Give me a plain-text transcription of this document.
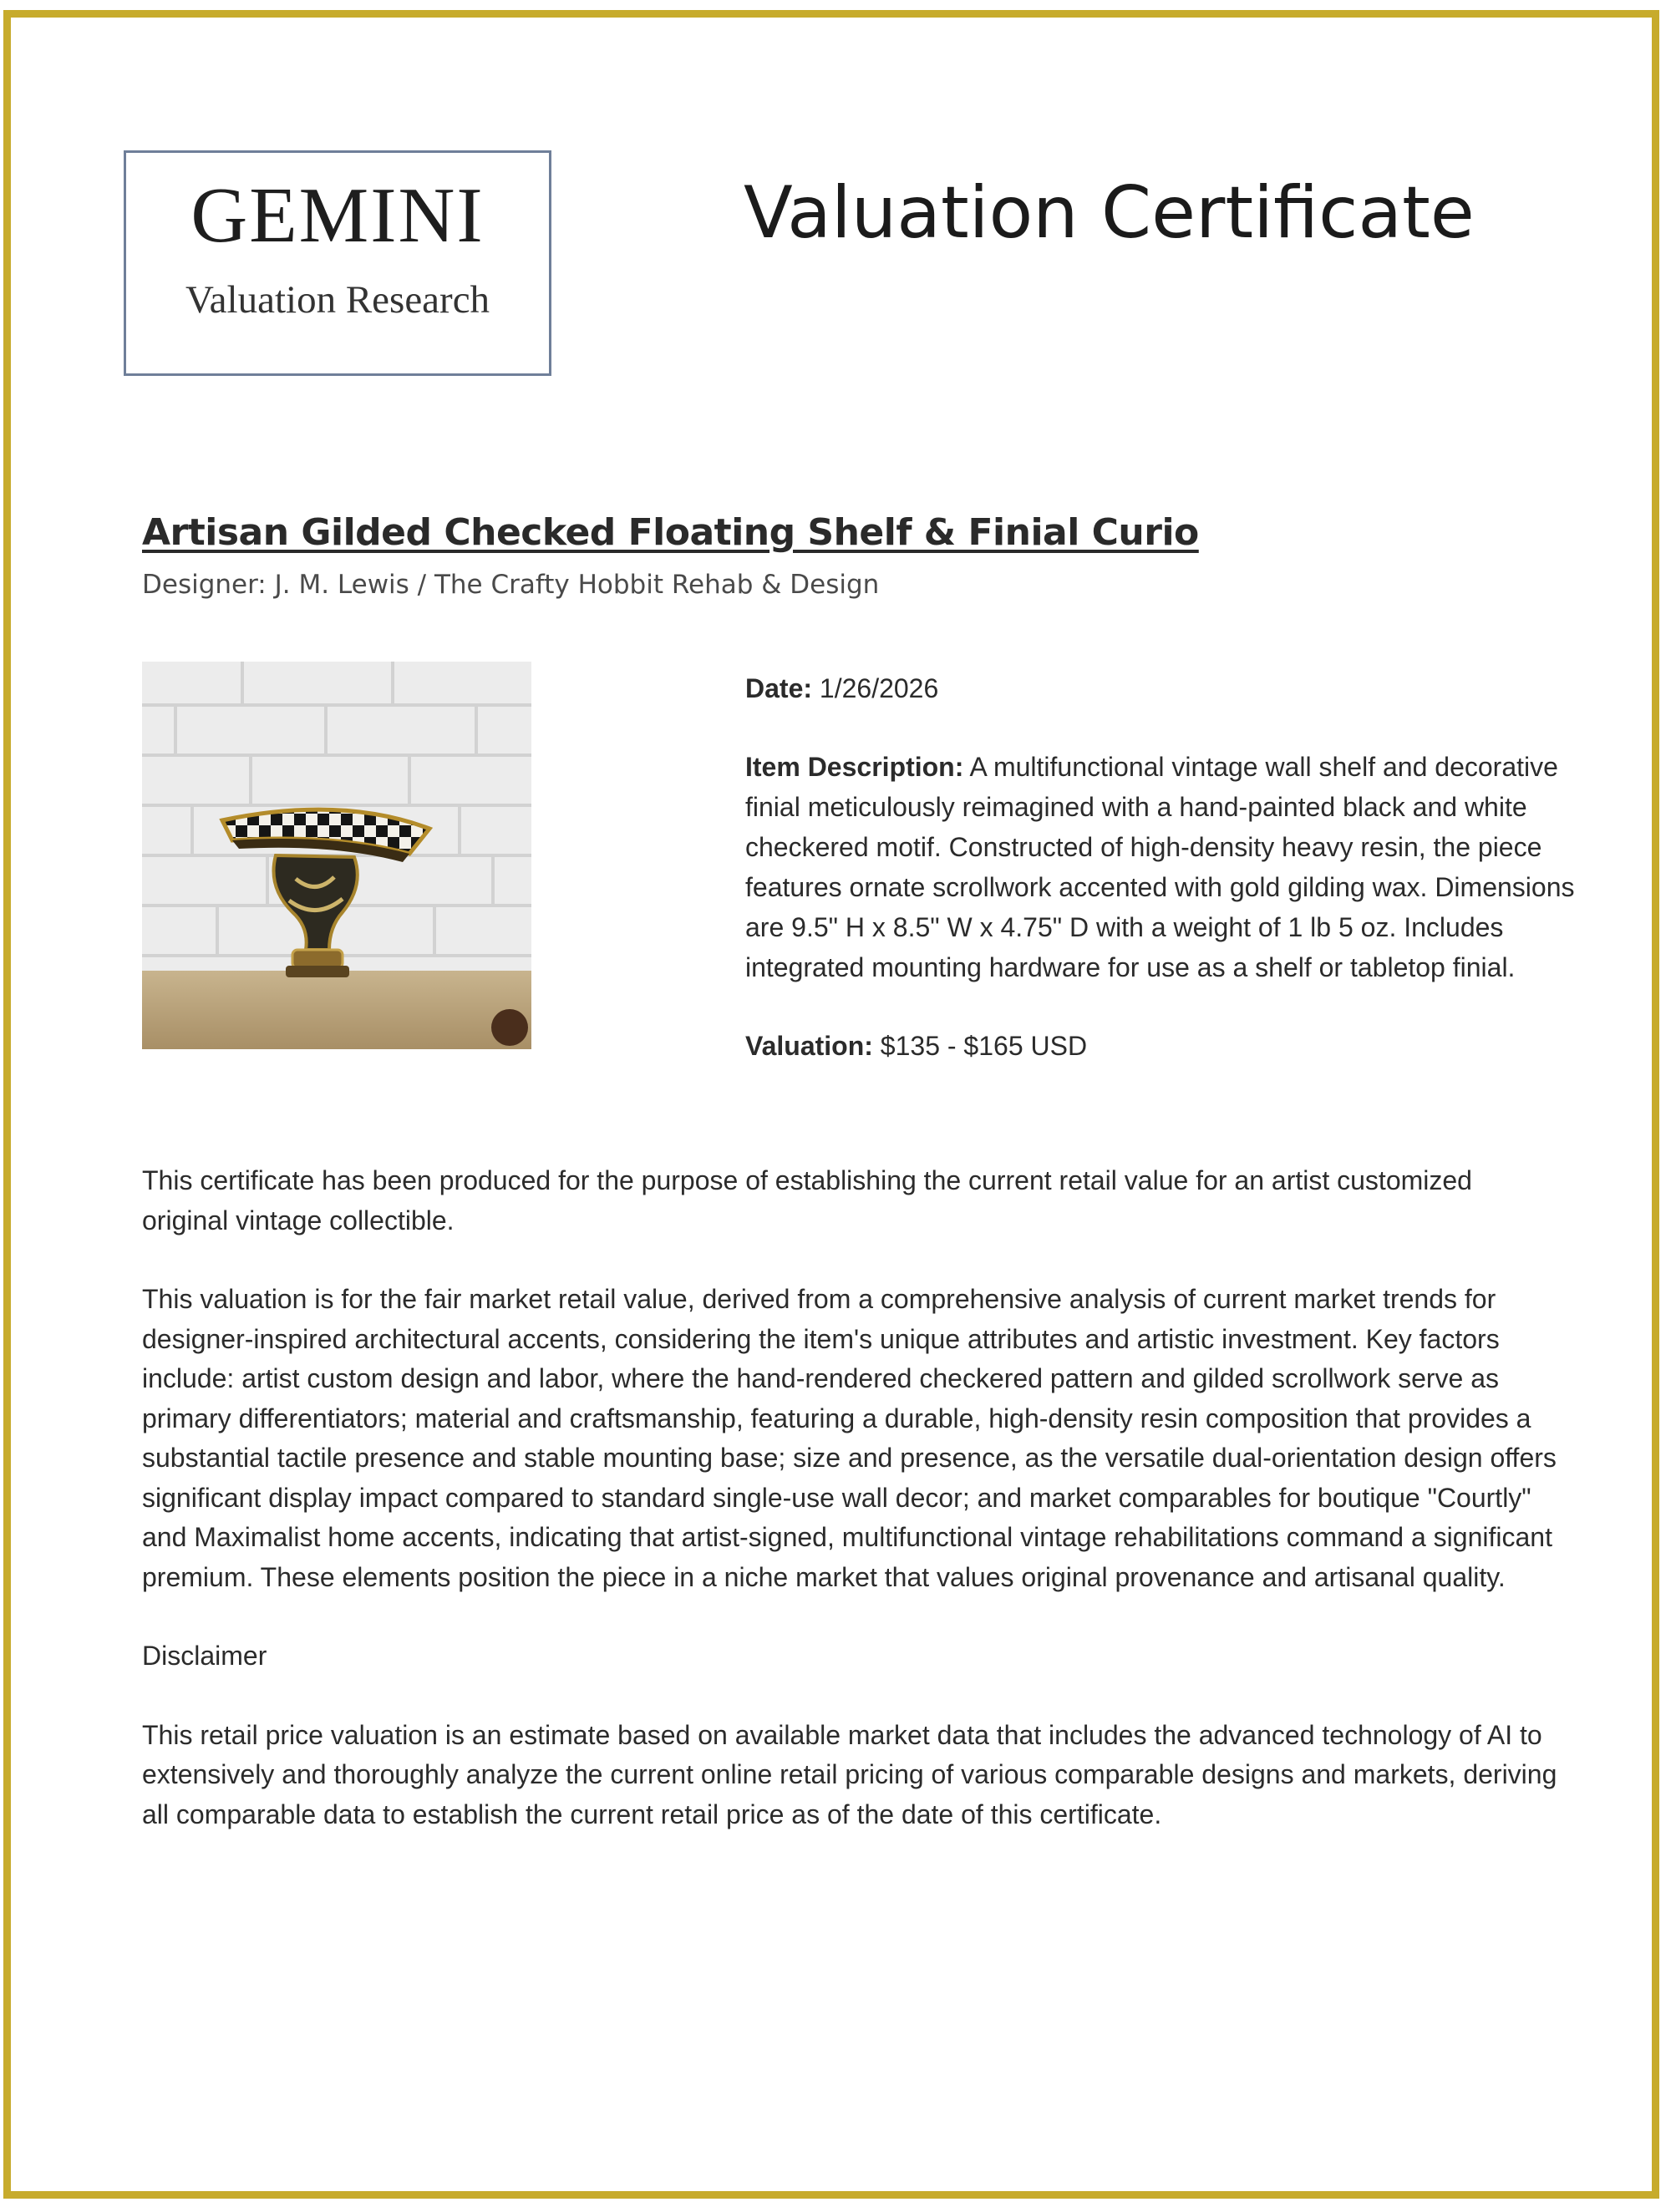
GEMINI
Valuation Research
Valuation Certificate
Artisan Gilded Checked Floating Shelf & Finial Curio
Designer: J. M. Lewis / The Crafty Hobbit Rehab & Design

Date: 1/26/2026

Item Description: A multifunctional vintage wall shelf and decorative finial meticulously reimagined with a hand-painted black and white checkered motif. Constructed of high-density heavy resin, the piece features ornate scrollwork accented with gold gilding wax. Dimensions are 9.5" H x 8.5" W x 4.75" D with a weight of 1 lb 5 oz. Includes integrated mounting hardware for use as a shelf or tabletop finial.

Valuation: $135 - $165 USD

This certificate has been produced for the purpose of establishing the current retail value for an artist customized original vintage collectible.

This valuation is for the fair market retail value, derived from a comprehensive analysis of current market trends for designer-inspired architectural accents, considering the item's unique attributes and artistic investment. Key factors include: artist custom design and labor, where the hand-rendered checkered pattern and gilded scrollwork serve as primary differentiators; material and craftsmanship, featuring a durable, high-density resin composition that provides a substantial tactile presence and stable mounting base; size and presence, as the versatile dual-orientation design offers significant display impact compared to standard single-use wall decor; and market comparables for boutique "Courtly" and Maximalist home accents, indicating that artist-signed, multifunctional vintage rehabilitations command a significant premium. These elements position the piece in a niche market that values original provenance and artisanal quality.

Disclaimer

This retail price valuation is an estimate based on available market data that includes the advanced technology of AI to extensively and thoroughly analyze the current online retail pricing of various comparable designs and markets, deriving all comparable data to establish the current retail price as of the date of this certificate.
